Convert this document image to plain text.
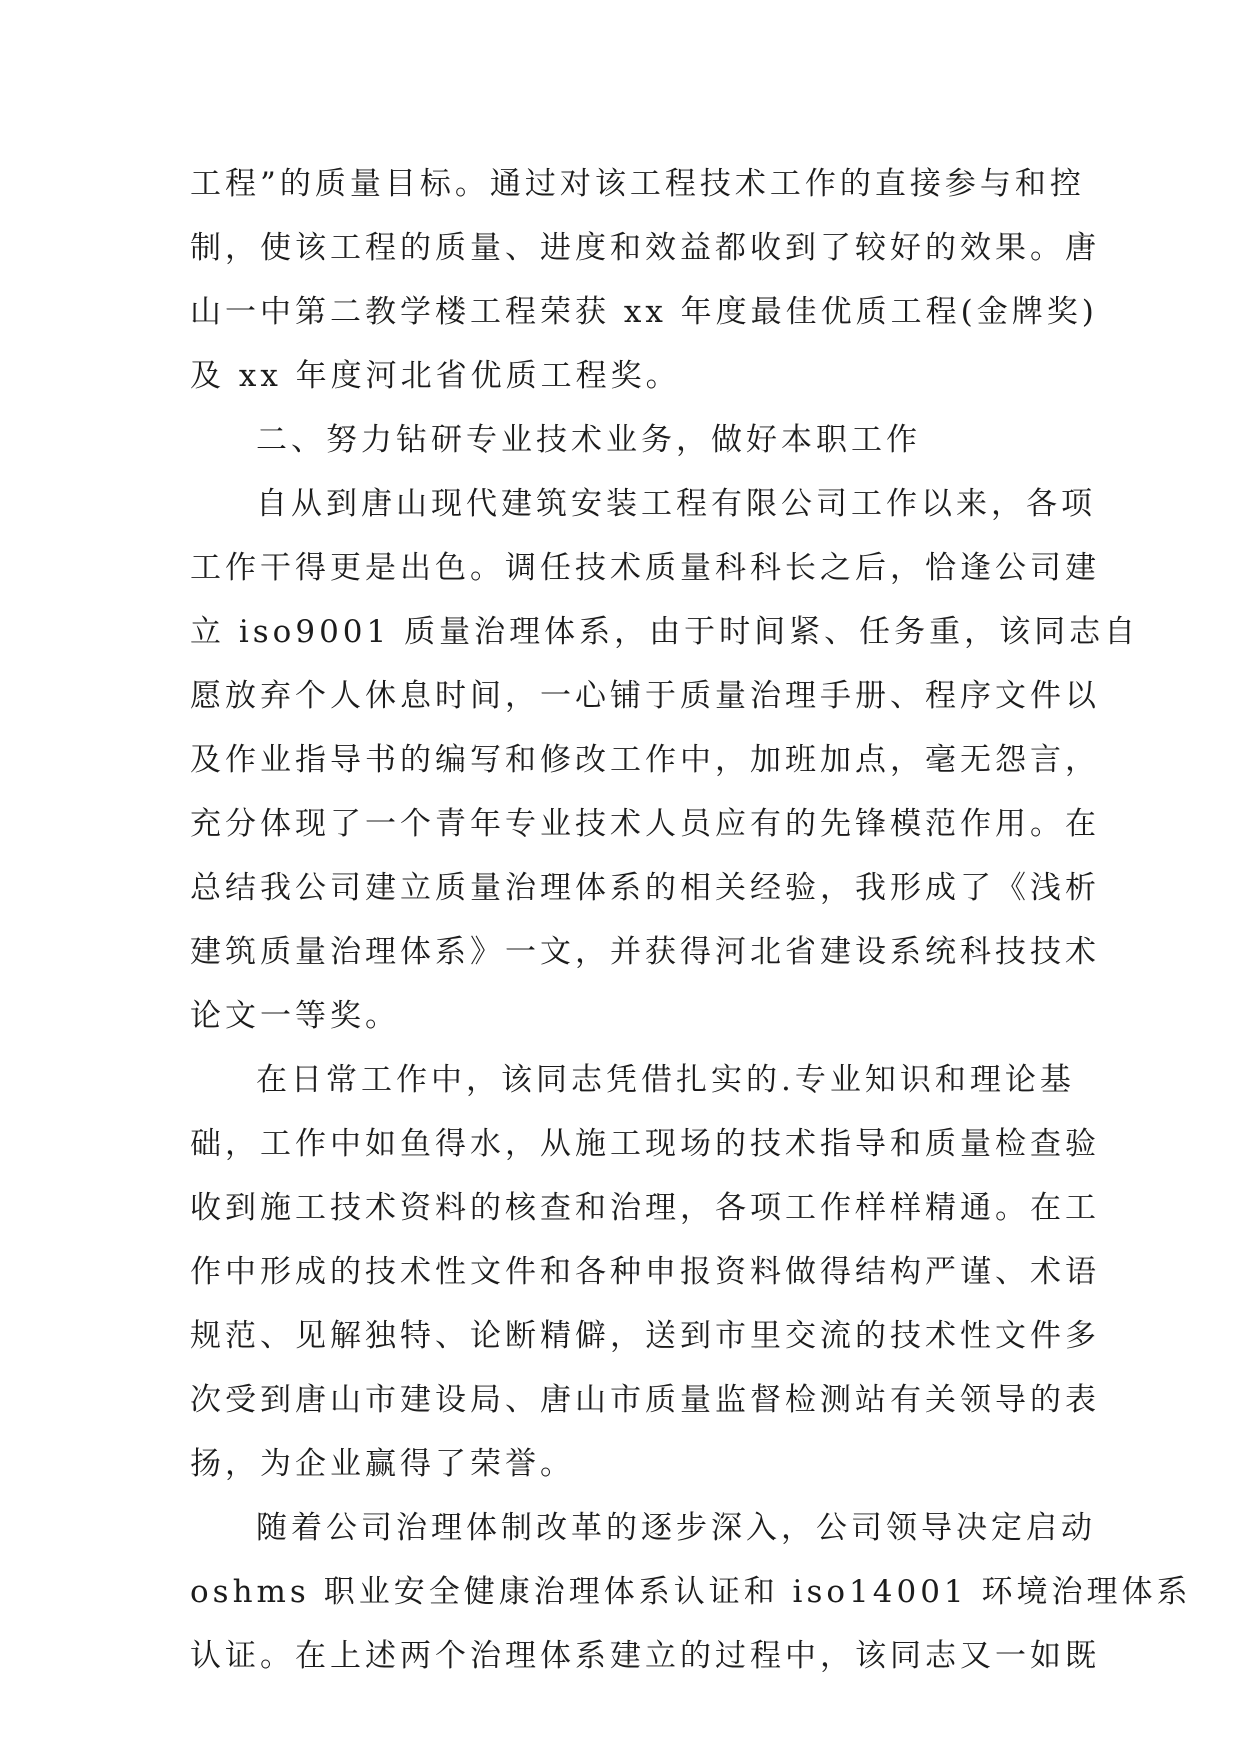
工程”的质量目标。通过对该工程技术工作的直接参与和控
制，使该工程的质量、进度和效益都收到了较好的效果。唐
山一中第二教学楼工程荣获 xx 年度最佳优质工程(金牌奖)
及 xx 年度河北省优质工程奖。
二、努力钻研专业技术业务，做好本职工作
自从到唐山现代建筑安装工程有限公司工作以来，各项
工作干得更是出色。调任技术质量科科长之后，恰逢公司建
立 iso9001 质量治理体系，由于时间紧、任务重，该同志自
愿放弃个人休息时间，一心铺于质量治理手册、程序文件以
及作业指导书的编写和修改工作中，加班加点，毫无怨言，
充分体现了一个青年专业技术人员应有的先锋模范作用。在
总结我公司建立质量治理体系的相关经验，我形成了《浅析
建筑质量治理体系》一文，并获得河北省建设系统科技技术
论文一等奖。
在日常工作中，该同志凭借扎实的.专业知识和理论基
础，工作中如鱼得水，从施工现场的技术指导和质量检查验
收到施工技术资料的核查和治理，各项工作样样精通。在工
作中形成的技术性文件和各种申报资料做得结构严谨、术语
规范、见解独特、论断精僻，送到市里交流的技术性文件多
次受到唐山市建设局、唐山市质量监督检测站有关领导的表
扬，为企业赢得了荣誉。
随着公司治理体制改革的逐步深入，公司领导决定启动
oshms 职业安全健康治理体系认证和 iso14001 环境治理体系
认证。在上述两个治理体系建立的过程中，该同志又一如既
